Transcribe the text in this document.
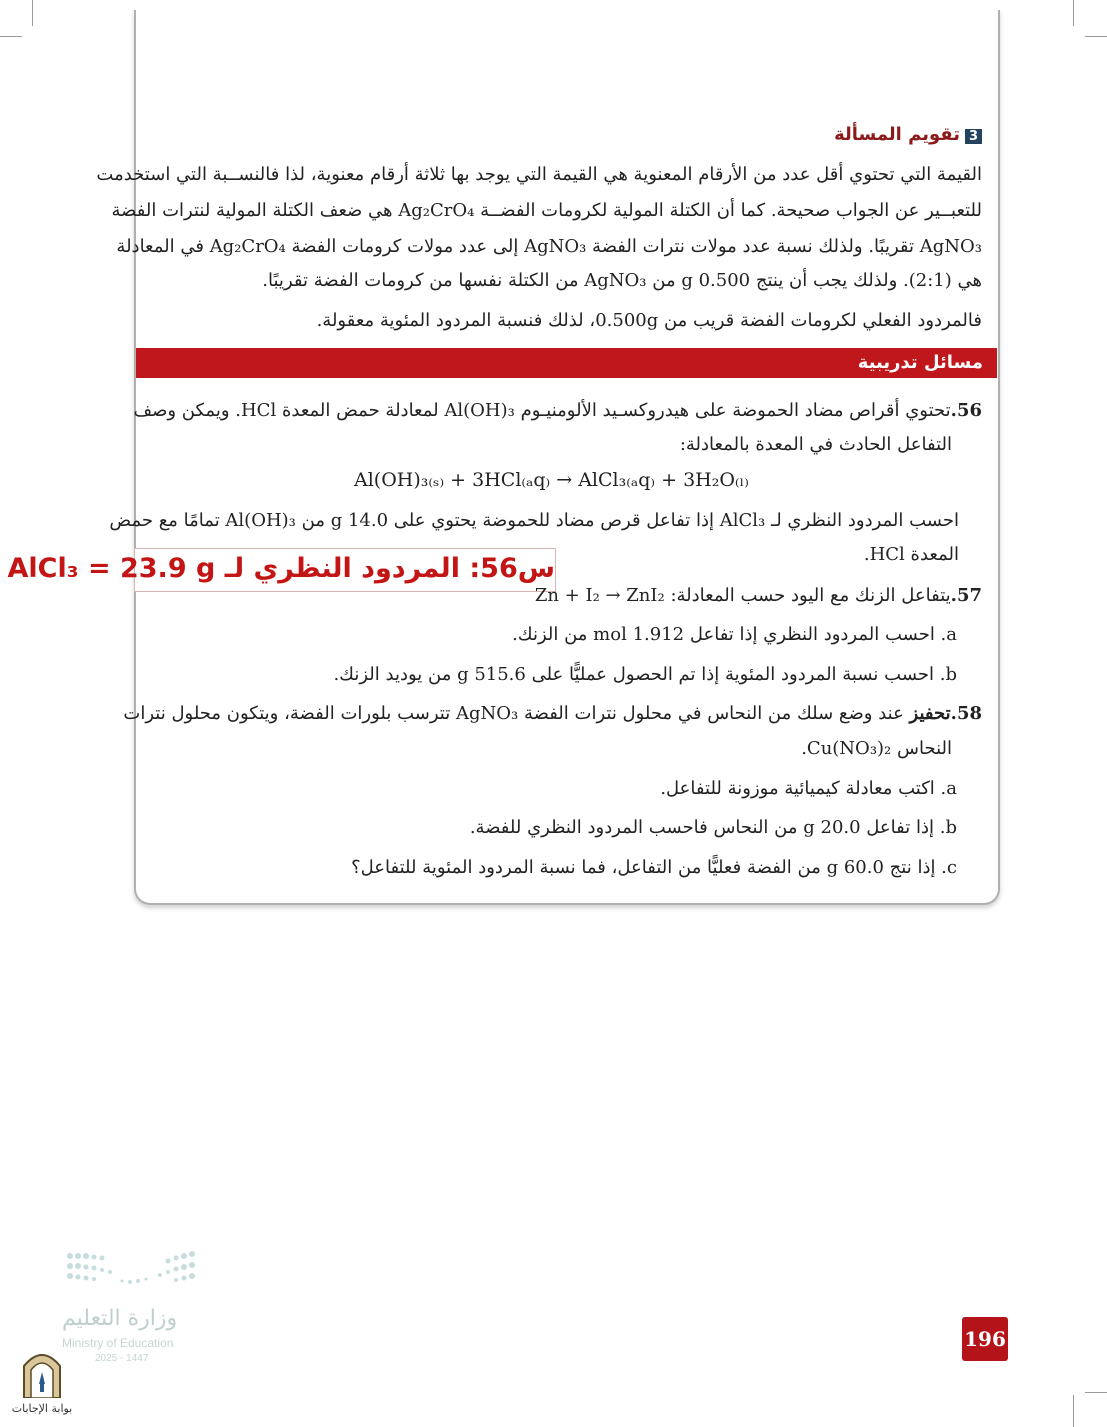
3تقويم المسألة
القيمة التي تحتوي أقل عدد من الأرقام المعنوية هي القيمة التي يوجد بها ثلاثة أرقام معنوية، لذا فالنســبة التي استخدمت
للتعبــير عن الجواب صحيحة. كما أن الكتلة المولية لكرومات الفضــة Ag₂CrO₄ هي ضعف الكتلة المولية لنترات الفضة
AgNO₃ تقريبًا. ولذلك نسبة عدد مولات نترات الفضة AgNO₃ إلى عدد مولات كرومات الفضة Ag₂CrO₄ في المعادلة
هي (2:1). ولذلك يجب أن ينتج 0.500 g من AgNO₃ من الكتلة نفسها من كرومات الفضة تقريبًا.
فالمردود الفعلي لكرومات الفضة قريب من 0.500g، لذلك فنسبة المردود المئوية معقولة.
مسائل تدريبية
56.تحتوي أقراص مضاد الحموضة على هيدروكسـيد الألومنيـوم Al(OH)₃ لمعادلة حمض المعدة HCl. ويمكن وصف
التفاعل الحادث في المعدة بالمعادلة:
Al(OH)₃₍ₛ₎ + 3HCl₍ₐq₎ → AlCl₃₍ₐq₎ + 3H₂O₍ₗ₎
احسب المردود النظري لـ AlCl₃ إذا تفاعل قرص مضاد للحموضة يحتوي على 14.0 g من Al(OH)₃ تمامًا مع حمض
المعدة HCl.
س56: المردود النظري لـ AlCl₃ = 23.9 g
57.يتفاعل الزنك مع اليود حسب المعادلة: Zn + I₂ → ZnI₂
a. احسب المردود النظري إذا تفاعل 1.912 mol من الزنك.
b. احسب نسبة المردود المئوية إذا تم الحصول عمليًّا على 515.6 g من يوديد الزنك.
58.تحفيز عند وضع سلك من النحاس في محلول نترات الفضة AgNO₃ تترسب بلورات الفضة، ويتكون محلول نترات
النحاس Cu(NO₃)₂.
a. اكتب معادلة كيميائية موزونة للتفاعل.
b. إذا تفاعل 20.0 g من النحاس فاحسب المردود النظري للفضة.
c. إذا نتج 60.0 g من الفضة فعليًّا من التفاعل، فما نسبة المردود المئوية للتفاعل؟
وزارة التعليم
Ministry of Education
2025 - 1447
196
بوابة الإجابات
